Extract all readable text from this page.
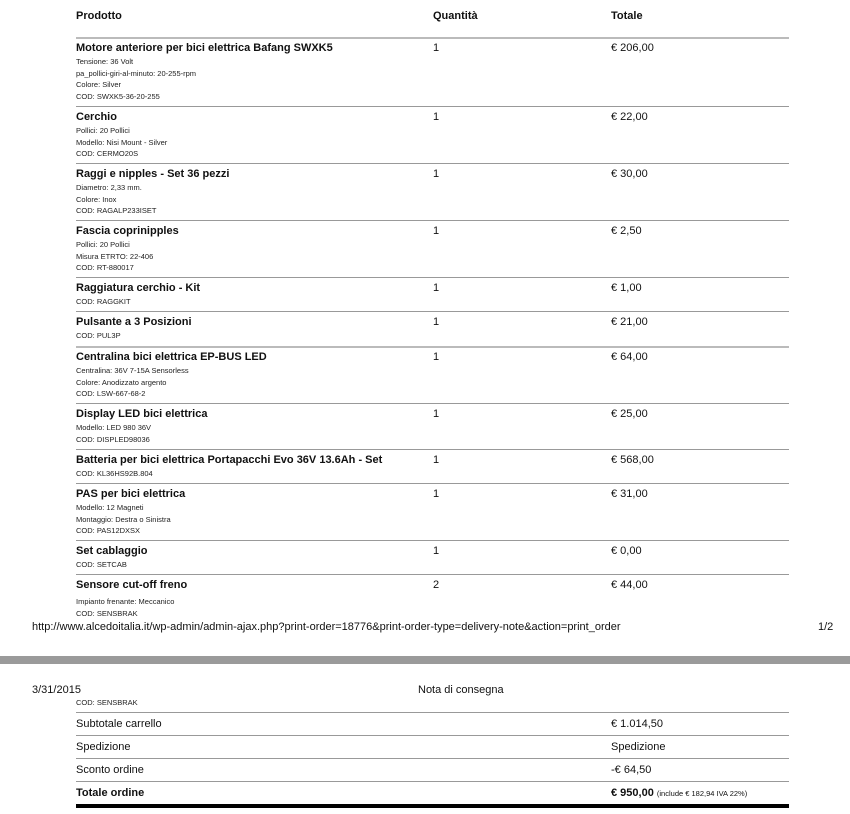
Prodotto	Quantità	Totale
Motore anteriore per bici elettrica Bafang SWXK5	1	€ 206,00
Tensione: 36 Volt
pa_pollici-giri-al-minuto: 20-255-rpm
Colore: Silver
COD: SWXK5-36-20-255
Cerchio	1	€ 22,00
Pollici: 20 Pollici
Modello: Nisi Mount - Silver
COD: CERMO20S
Raggi e nipples - Set 36 pezzi	1	€ 30,00
Diametro: 2,33 mm.
Colore: Inox
COD: RAGALP233ISET
Fascia coprinipples	1	€ 2,50
Pollici: 20 Pollici
Misura ETRTO: 22-406
COD: RT-880017
Raggiatura cerchio - Kit	1	€ 1,00
COD: RAGGKIT
Pulsante a 3 Posizioni	1	€ 21,00
COD: PUL3P
Centralina bici elettrica EP-BUS LED	1	€ 64,00
Centralina: 36V 7-15A Sensorless
Colore: Anodizzato argento
COD: LSW-667-68-2
Display LED bici elettrica	1	€ 25,00
Modello: LED 980 36V
COD: DISPLED98036
Batteria per bici elettrica Portapacchi Evo 36V 13.6Ah - Set	1	€ 568,00
COD: KL36HS92B.804
PAS per bici elettrica	1	€ 31,00
Modello: 12 Magneti
Montaggio: Destra o Sinistra
COD: PAS12DXSX
Set cablaggio	1	€ 0,00
COD: SETCAB
Sensore cut-off freno	2	€ 44,00
Impianto frenante: Meccanico
COD: SENSBRAK
http://www.alcedoitalia.it/wp-admin/admin-ajax.php?print-order=18776&print-order-type=delivery-note&action=print_order	1/2
3/31/2015	Nota di consegna
COD: SENSBRAK
Subtotale carrello	€ 1.014,50
Spedizione	Spedizione
Sconto ordine	-€ 64,50
Totale ordine	€ 950,00 (include € 182,94 IVA 22%)
